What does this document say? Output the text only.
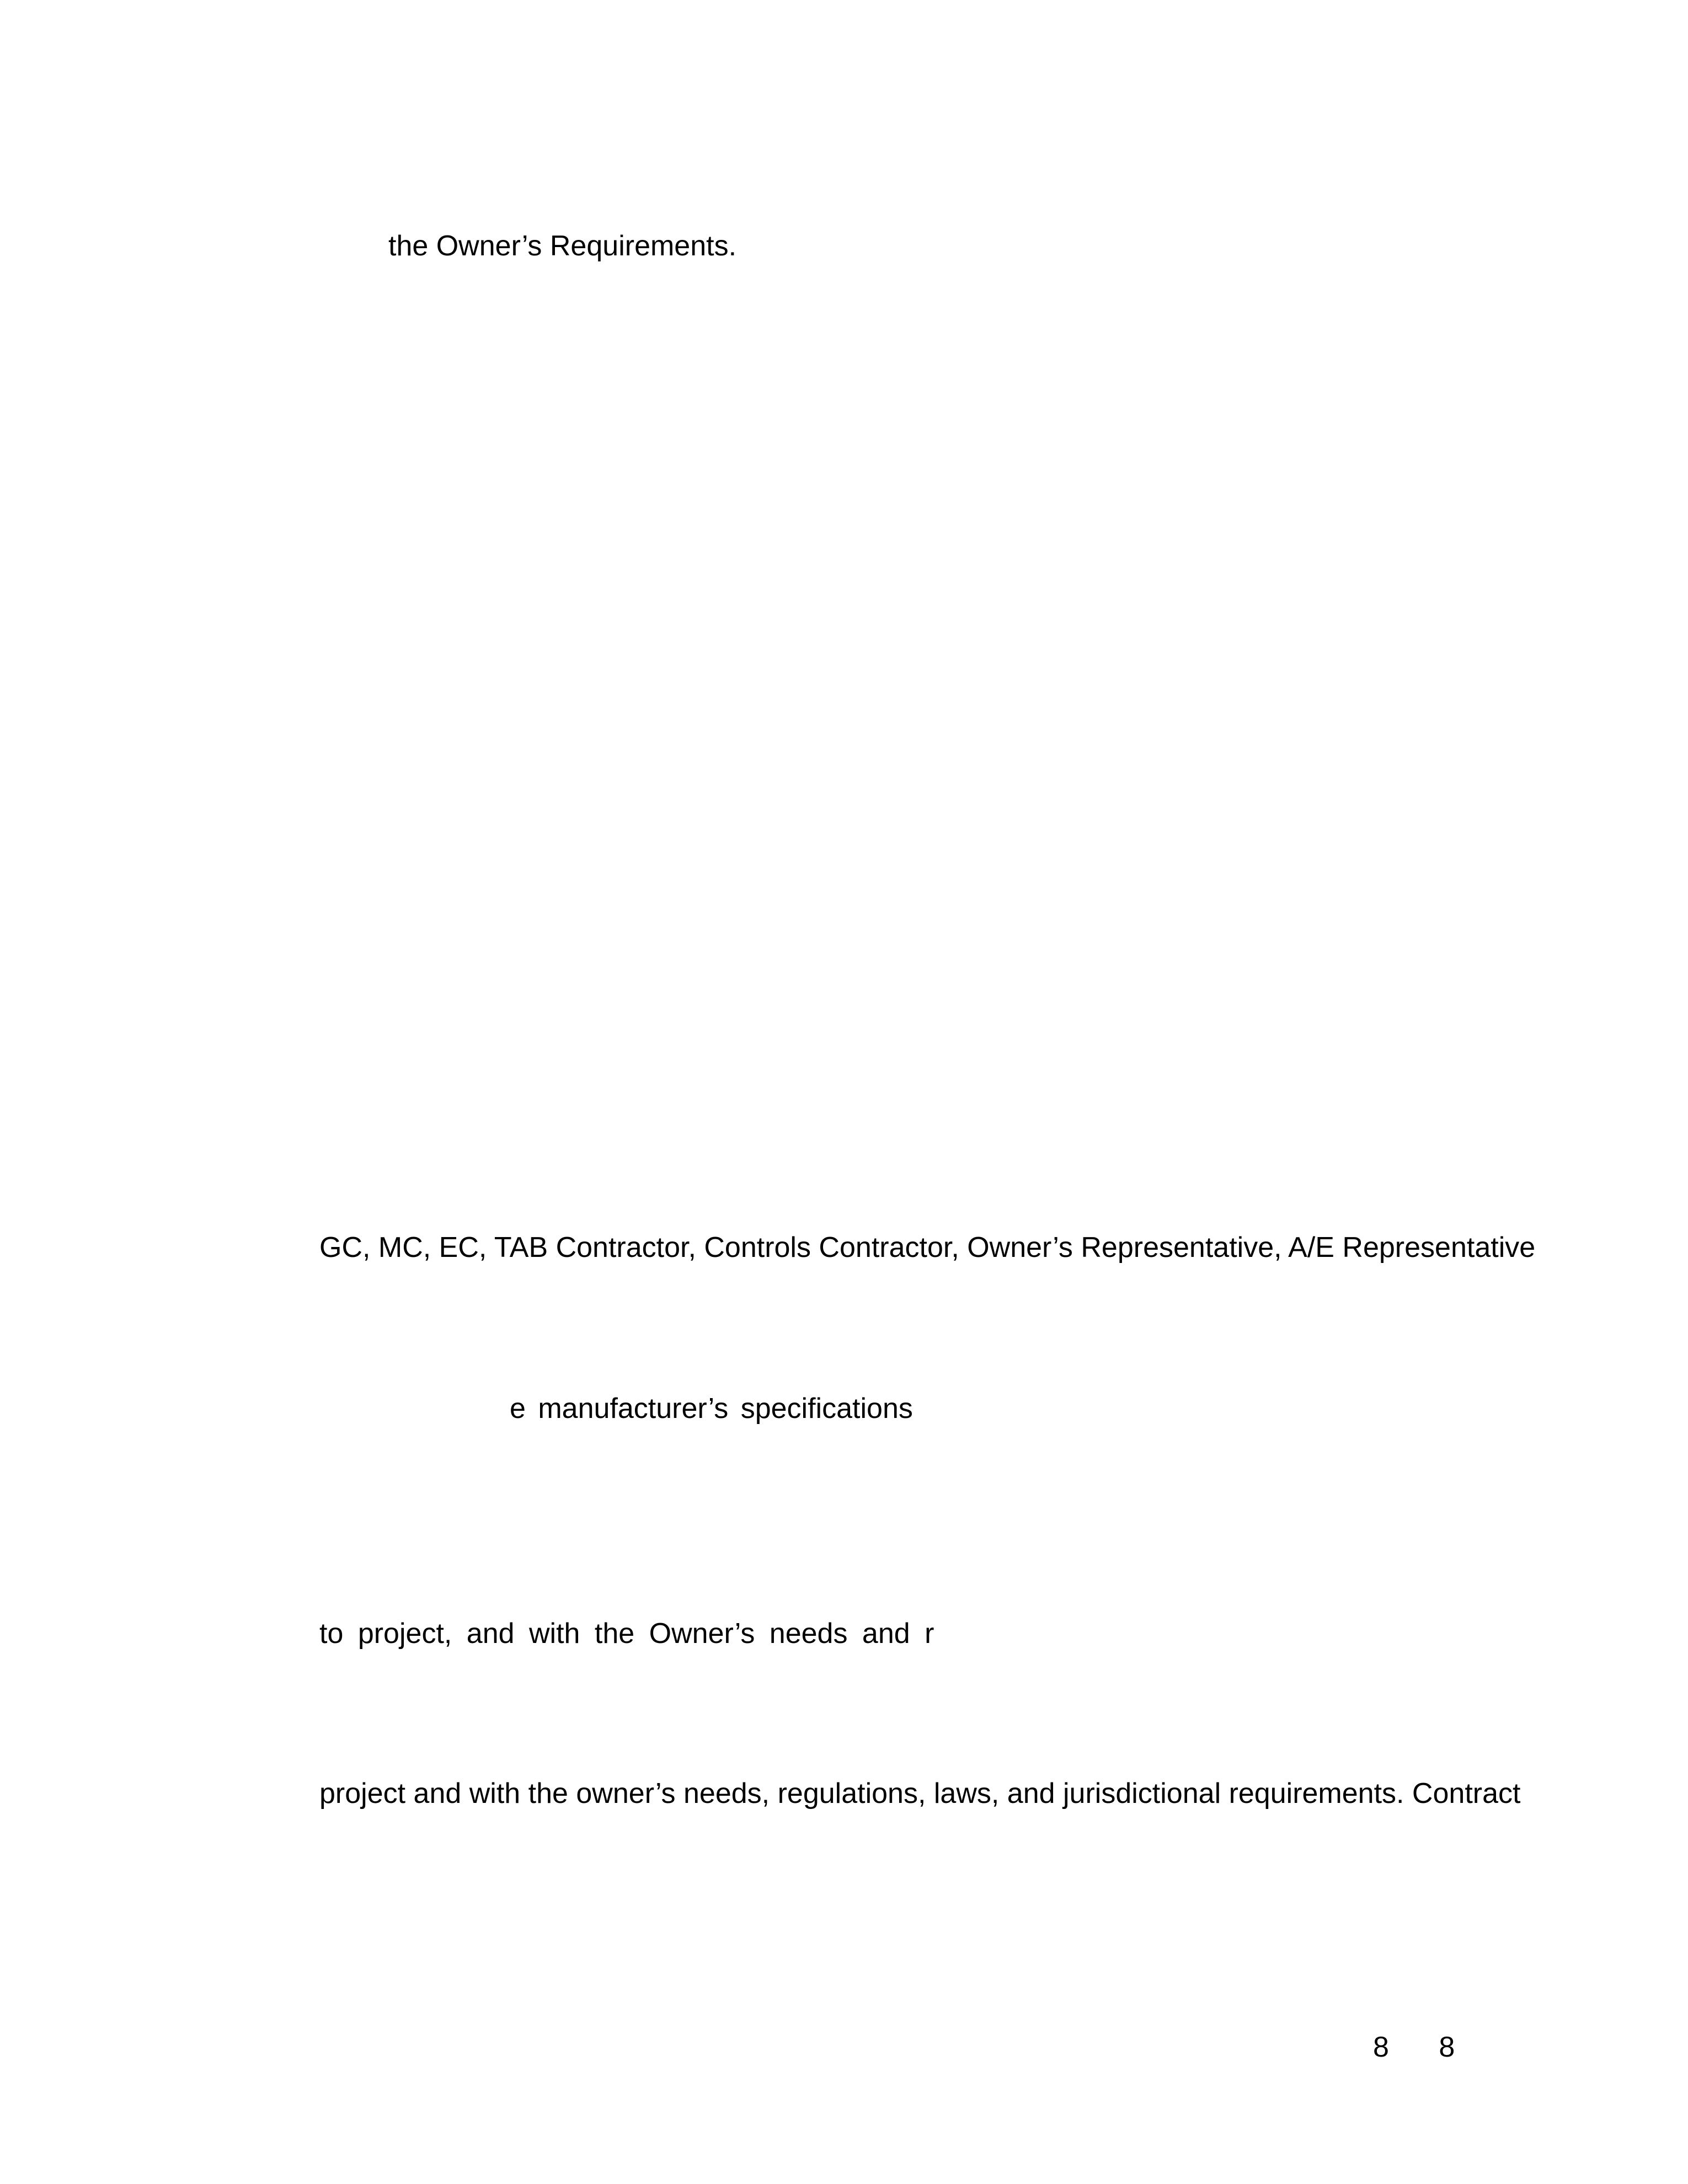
the Owner’s Requirements.

GC, MC, EC, TAB Contractor, Controls Contractor, Owner’s Representative, A/E Representative

e manufacturer’s specifications

to project, and with the Owner’s needs and r

project and with the owner’s needs, regulations, laws, and jurisdictional requirements. Contract

8 8
